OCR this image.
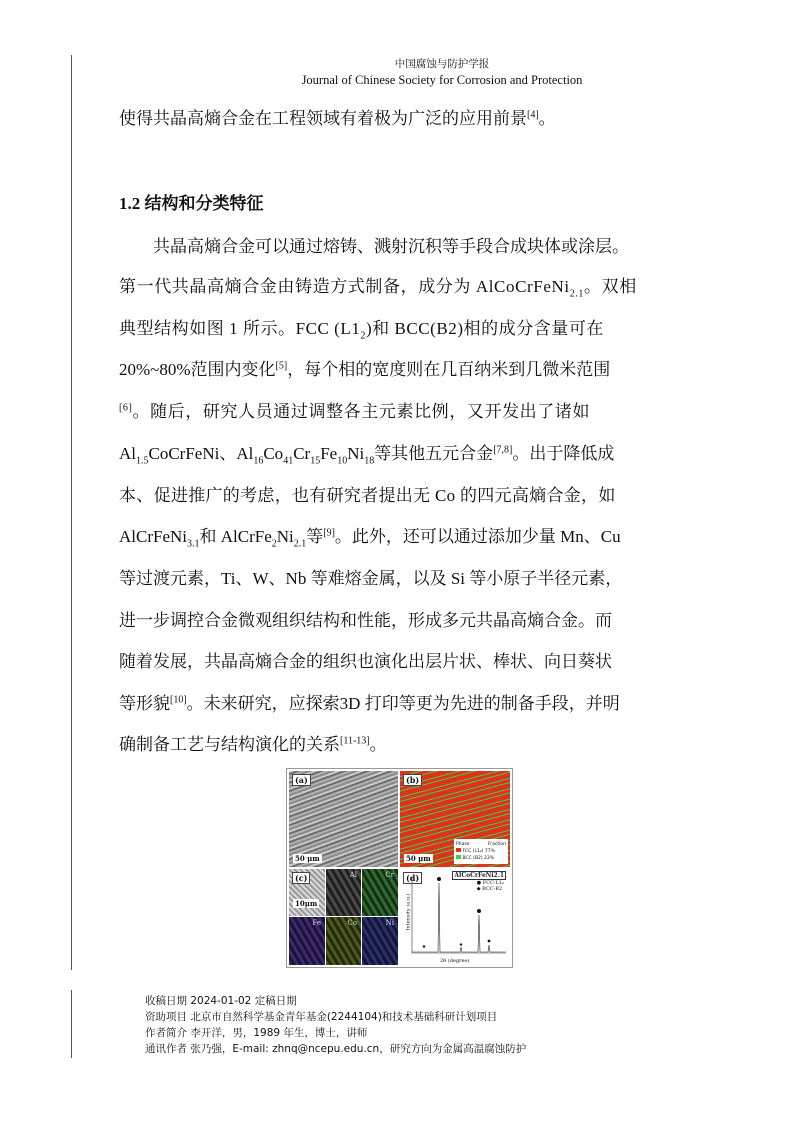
中国腐蚀与防护学报
Journal of Chinese Society for Corrosion and Protection
使得共晶高熵合金在工程领域有着极为广泛的应用前景[4]。
1.2 结构和分类特征
共晶高熵合金可以通过熔铸、溅射沉积等手段合成块体或涂层。
第一代共晶高熵合金由铸造方式制备，成分为 AlCoCrFeNi$_{2.1}$。双相
典型结构如图 1 所示。FCC $(L1_2)$和 BCC(B2)相的成分含量可在
20%~80%范围内变化[5]，每个相的宽度则在几百纳米到几微米范围
[6]。随后，研究人员通过调整各主元素比例，又开发出了诸如
$Al_{1.5}CoCrFeNi$、$Al_{16}Co_{41}Cr_{15}Fe_{10}Ni_{18}$等其他五元合金[7,8]。出于降低成
本、促进推广的考虑，也有研究者提出无 Co 的四元高熵合金，如
AlCrFeNi$_{3.1}$和 $AlCrFe_2Ni_{2.1}$等[9]。此外，还可以通过添加少量 Mn、Cu
等过渡元素，Ti、W、Nb 等难熔金属，以及 Si 等小原子半径元素，
进一步调控合金微观组织结构和性能，形成多元共晶高熵合金。而
随着发展，共晶高熵合金的组织也演化出层片状、棒状、向日葵状
等形貌[10]。未来研究，应探索3D 打印等更为先进的制备手段，并明
确制备工艺与结构演化的关系[11-13]。
(a)
50 μm
(b)
50 μm
Phase	Fraction
FCC (L1₂) 77%
BCC (B2) 23%
(c)
10μm
Al	Cr
Fe	Co	Ni
(d)	AlCoCrFeNi2.1
● FCC-L1₂
◆ BCC-B2
Intensity (a.u.)
2θ (degree)
收稿日期 2024-01-02 定稿日期
资助项目 北京市自然科学基金青年基金(2244104)和技术基础科研计划项目
作者简介 李开洋，男，1989 年生，博士，讲师
通讯作者 张乃强，E-mail: zhnq@ncepu.edu.cn，研究方向为金属高温腐蚀防护
